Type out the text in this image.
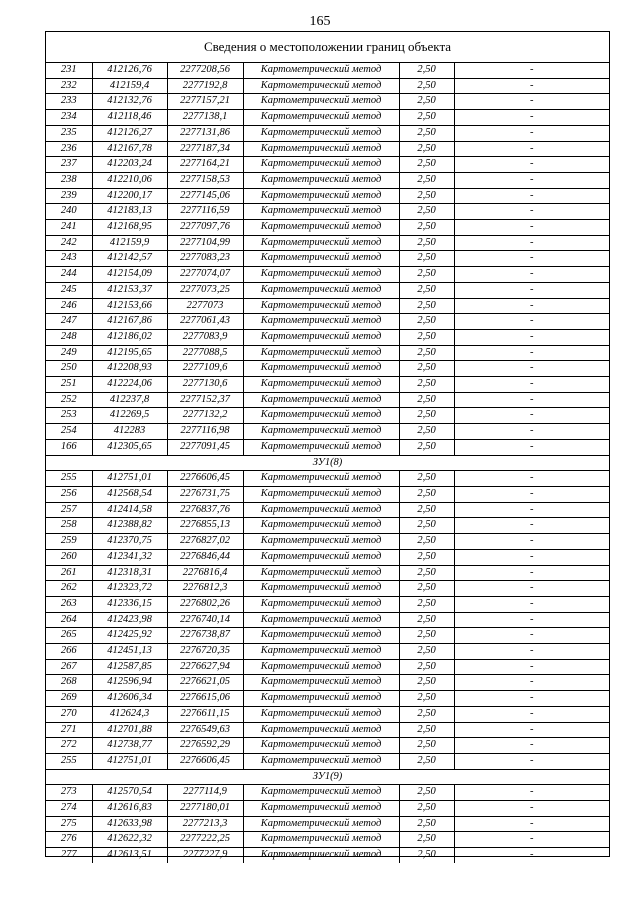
165
Сведения о местоположении границ объекта
231	412126,76	2277208,56	Картометрический метод	2,50	-
232	412159,4	2277192,8	Картометрический метод	2,50	-
233	412132,76	2277157,21	Картометрический метод	2,50	-
234	412118,46	2277138,1	Картометрический метод	2,50	-
235	412126,27	2277131,86	Картометрический метод	2,50	-
236	412167,78	2277187,34	Картометрический метод	2,50	-
237	412203,24	2277164,21	Картометрический метод	2,50	-
238	412210,06	2277158,53	Картометрический метод	2,50	-
239	412200,17	2277145,06	Картометрический метод	2,50	-
240	412183,13	2277116,59	Картометрический метод	2,50	-
241	412168,95	2277097,76	Картометрический метод	2,50	-
242	412159,9	2277104,99	Картометрический метод	2,50	-
243	412142,57	2277083,23	Картометрический метод	2,50	-
244	412154,09	2277074,07	Картометрический метод	2,50	-
245	412153,37	2277073,25	Картометрический метод	2,50	-
246	412153,66	2277073	Картометрический метод	2,50	-
247	412167,86	2277061,43	Картометрический метод	2,50	-
248	412186,02	2277083,9	Картометрический метод	2,50	-
249	412195,65	2277088,5	Картометрический метод	2,50	-
250	412208,93	2277109,6	Картометрический метод	2,50	-
251	412224,06	2277130,6	Картометрический метод	2,50	-
252	412237,8	2277152,37	Картометрический метод	2,50	-
253	412269,5	2277132,2	Картометрический метод	2,50	-
254	412283	2277116,98	Картометрический метод	2,50	-
166	412305,65	2277091,45	Картометрический метод	2,50	-
ЗУ1(8)					
255	412751,01	2276606,45	Картометрический метод	2,50	-
256	412568,54	2276731,75	Картометрический метод	2,50	-
257	412414,58	2276837,76	Картометрический метод	2,50	-
258	412388,82	2276855,13	Картометрический метод	2,50	-
259	412370,75	2276827,02	Картометрический метод	2,50	-
260	412341,32	2276846,44	Картометрический метод	2,50	-
261	412318,31	2276816,4	Картометрический метод	2,50	-
262	412323,72	2276812,3	Картометрический метод	2,50	-
263	412336,15	2276802,26	Картометрический метод	2,50	-
264	412423,98	2276740,14	Картометрический метод	2,50	-
265	412425,92	2276738,87	Картометрический метод	2,50	-
266	412451,13	2276720,35	Картометрический метод	2,50	-
267	412587,85	2276627,94	Картометрический метод	2,50	-
268	412596,94	2276621,05	Картометрический метод	2,50	-
269	412606,34	2276615,06	Картометрический метод	2,50	-
270	412624,3	2276611,15	Картометрический метод	2,50	-
271	412701,88	2276549,63	Картометрический метод	2,50	-
272	412738,77	2276592,29	Картометрический метод	2,50	-
255	412751,01	2276606,45	Картометрический метод	2,50	-
ЗУ1(9)					
273	412570,54	2277114,9	Картометрический метод	2,50	-
274	412616,83	2277180,01	Картометрический метод	2,50	-
275	412633,98	2277213,3	Картометрический метод	2,50	-
276	412622,32	2277222,25	Картометрический метод	2,50	-
277	412613,51	2277227,9	Картометрический метод	2,50	-
